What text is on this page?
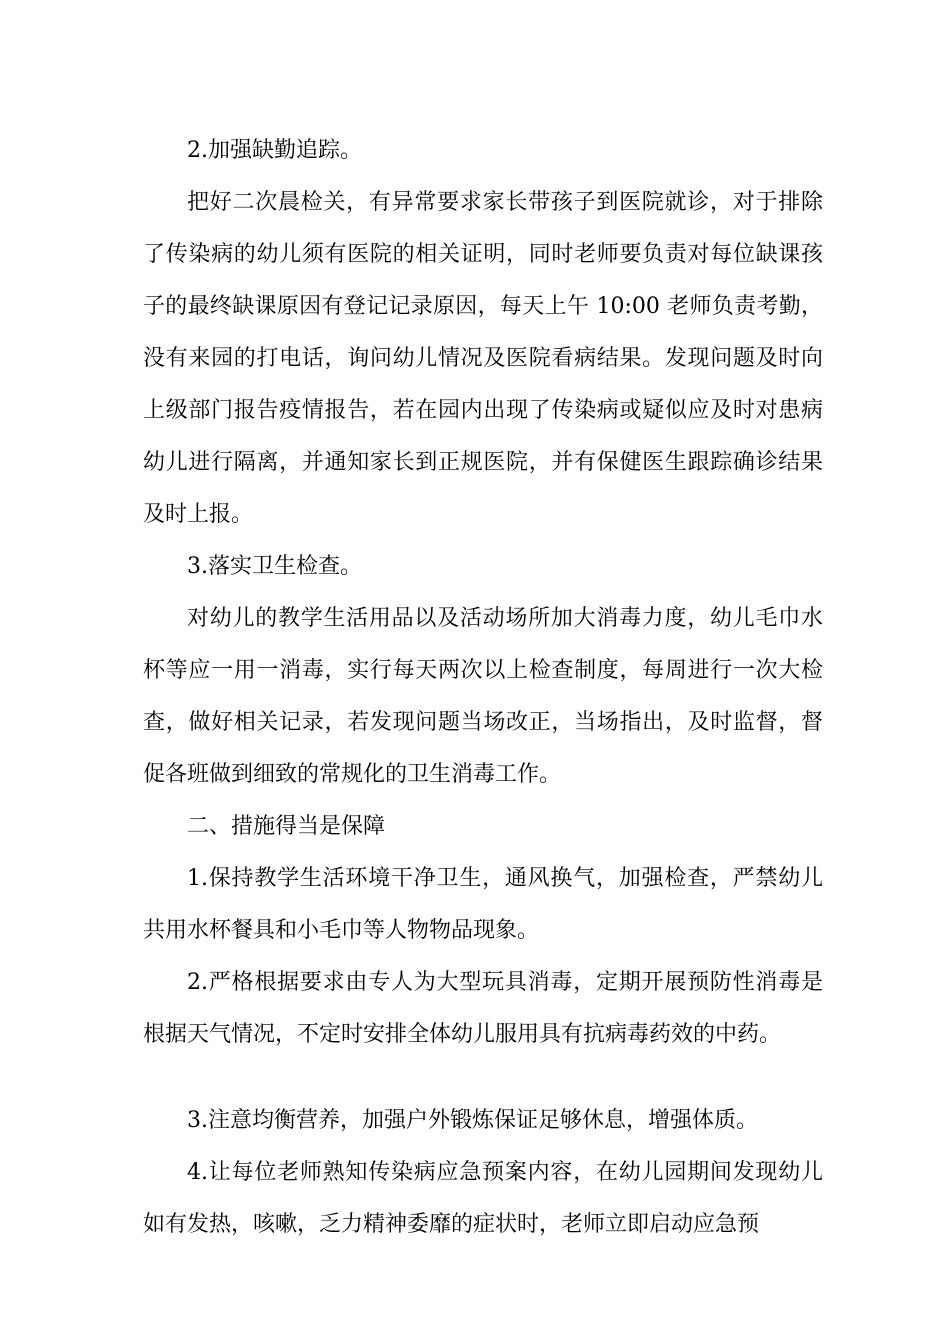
2.加强缺勤追踪。

把好二次晨检关，有异常要求家长带孩子到医院就诊，对于排除了传染病的幼儿须有医院的相关证明，同时老师要负责对每位缺课孩子的最终缺课原因有登记记录原因，每天上午 10:00 老师负责考勤，没有来园的打电话，询问幼儿情况及医院看病结果。发现问题及时向上级部门报告疫情报告，若在园内出现了传染病或疑似应及时对患病幼儿进行隔离，并通知家长到正规医院，并有保健医生跟踪确诊结果及时上报。

3.落实卫生检查。

对幼儿的教学生活用品以及活动场所加大消毒力度，幼儿毛巾水杯等应一用一消毒，实行每天两次以上检查制度，每周进行一次大检查，做好相关记录，若发现问题当场改正，当场指出，及时监督，督促各班做到细致的常规化的卫生消毒工作。

二、措施得当是保障

1.保持教学生活环境干净卫生，通风换气，加强检查，严禁幼儿共用水杯餐具和小毛巾等人物物品现象。

2.严格根据要求由专人为大型玩具消毒，定期开展预防性消毒是根据天气情况，不定时安排全体幼儿服用具有抗病毒药效的中药。

3.注意均衡营养，加强户外锻炼保证足够休息，增强体质。

4.让每位老师熟知传染病应急预案内容，在幼儿园期间发现幼儿如有发热，咳嗽，乏力精神委靡的症状时，老师立即启动应急预
